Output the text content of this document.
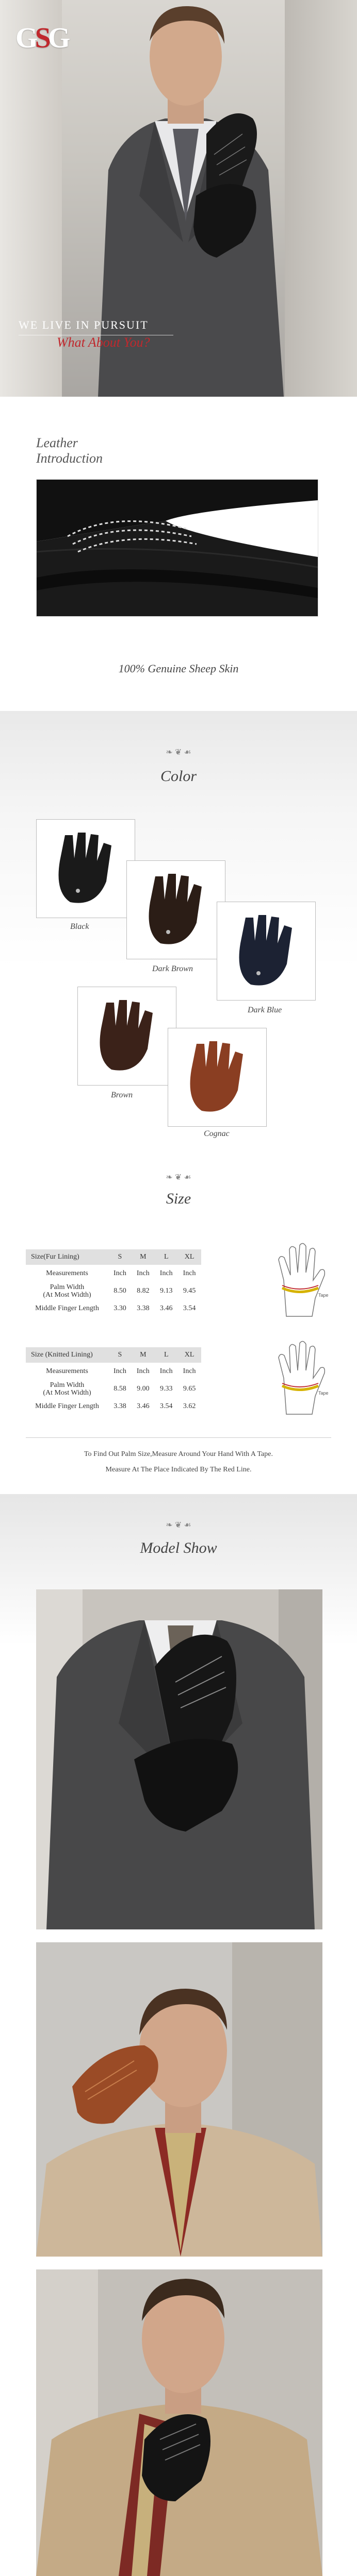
GSG
WE LIVE IN PURSUIT
What About You?
Leather
Introduction
100% Genuine Sheep Skin
❧ ❦ ☙
Color
Black
Dark Brown
Dark Blue
Brown
Cognac
❧ ❦ ☙
Size
Size(Fur Lining)	S	M	L	XL
Measurements	Inch	Inch	Inch	Inch
Palm Width
(At Most Width)	8.50	8.82	9.13	9.45
Middle Finger Length	3.30	3.38	3.46	3.54
Tape
Size (Knitted Lining)	S	M	L	XL
Measurements	Inch	Inch	Inch	Inch
Palm Width
(At Most Width)	8.58	9.00	9.33	9.65
Middle Finger Length	3.38	3.46	3.54	3.62
Tape
To Find Out Palm Size,Measure Around Your Hand With A Tape.
Measure At The Place Indicated By The Red Line.
❧ ❦ ☙
Model Show
